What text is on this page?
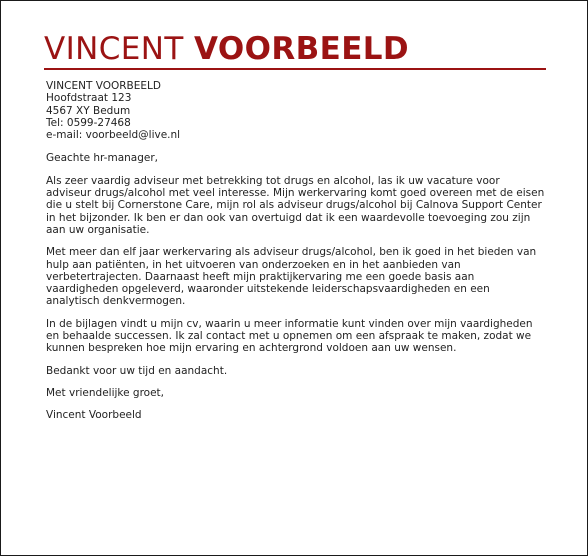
VINCENT VOORBEELD
VINCENT VOORBEELD
Hoofdstraat 123
4567 XY Bedum
Tel: 0599-27468
e-mail: voorbeeld@live.nl

Geachte hr-manager,

Als zeer vaardig adviseur met betrekking tot drugs en alcohol, las ik uw vacature voor adviseur drugs/alcohol met veel interesse. Mijn werkervaring komt goed overeen met de eisen die u stelt bij Cornerstone Care, mijn rol als adviseur drugs/alcohol bij Calnova Support Center in het bijzonder. Ik ben er dan ook van overtuigd dat ik een waardevolle toevoeging zou zijn aan uw organisatie.

Met meer dan elf jaar werkervaring als adviseur drugs/alcohol, ben ik goed in het bieden van hulp aan patiënten, in het uitvoeren van onderzoeken en in het aanbieden van verbetertrajecten. Daarnaast heeft mijn praktijkervaring me een goede basis aan vaardigheden opgeleverd, waaronder uitstekende leiderschapsvaardigheden en een analytisch denkvermogen.

In de bijlagen vindt u mijn cv, waarin u meer informatie kunt vinden over mijn vaardigheden en behaalde successen. Ik zal contact met u opnemen om een afspraak te maken, zodat we kunnen bespreken hoe mijn ervaring en achtergrond voldoen aan uw wensen.

Bedankt voor uw tijd en aandacht.

Met vriendelijke groet,

Vincent Voorbeeld
